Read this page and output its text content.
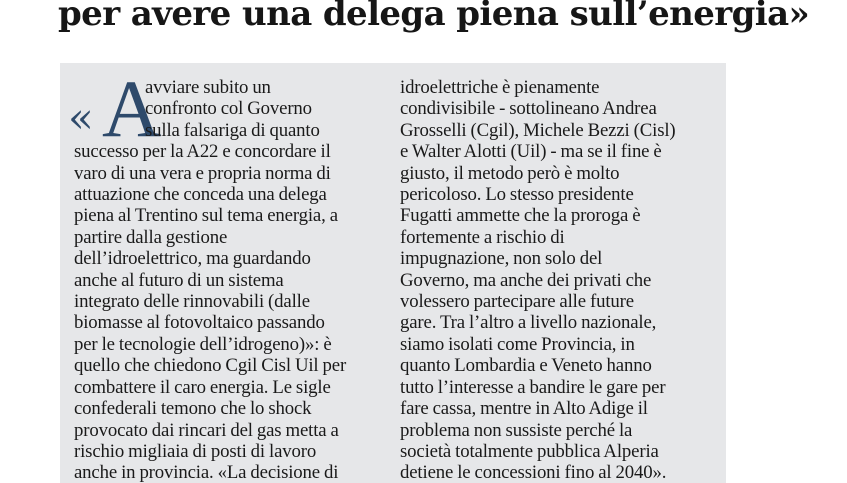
per avere una delega piena sull’energia»
« A
avviare subito un
confronto col Governo
sulla falsariga di quanto
successo per la A22 e concordare il
varo di una vera e propria norma di
attuazione che conceda una delega
piena al Trentino sul tema energia, a
partire dalla gestione
dell’idroelettrico, ma guardando
anche al futuro di un sistema
integrato delle rinnovabili (dalle
biomasse al fotovoltaico passando
per le tecnologie dell’idrogeno)»: è
quello che chiedono Cgil Cisl Uil per
combattere il caro energia. Le sigle
confederali temono che lo shock
provocato dai rincari del gas metta a
rischio migliaia di posti di lavoro
anche in provincia. «La decisione di
idroelettriche è pienamente
condivisibile - sottolineano Andrea
Grosselli (Cgil), Michele Bezzi (Cisl)
e Walter Alotti (Uil) - ma se il fine è
giusto, il metodo però è molto
pericoloso. Lo stesso presidente
Fugatti ammette che la proroga è
fortemente a rischio di
impugnazione, non solo del
Governo, ma anche dei privati che
volessero partecipare alle future
gare. Tra l’altro a livello nazionale,
siamo isolati come Provincia, in
quanto Lombardia e Veneto hanno
tutto l’interesse a bandire le gare per
fare cassa, mentre in Alto Adige il
problema non sussiste perché la
società totalmente pubblica Alperia
detiene le concessioni fino al 2040».
